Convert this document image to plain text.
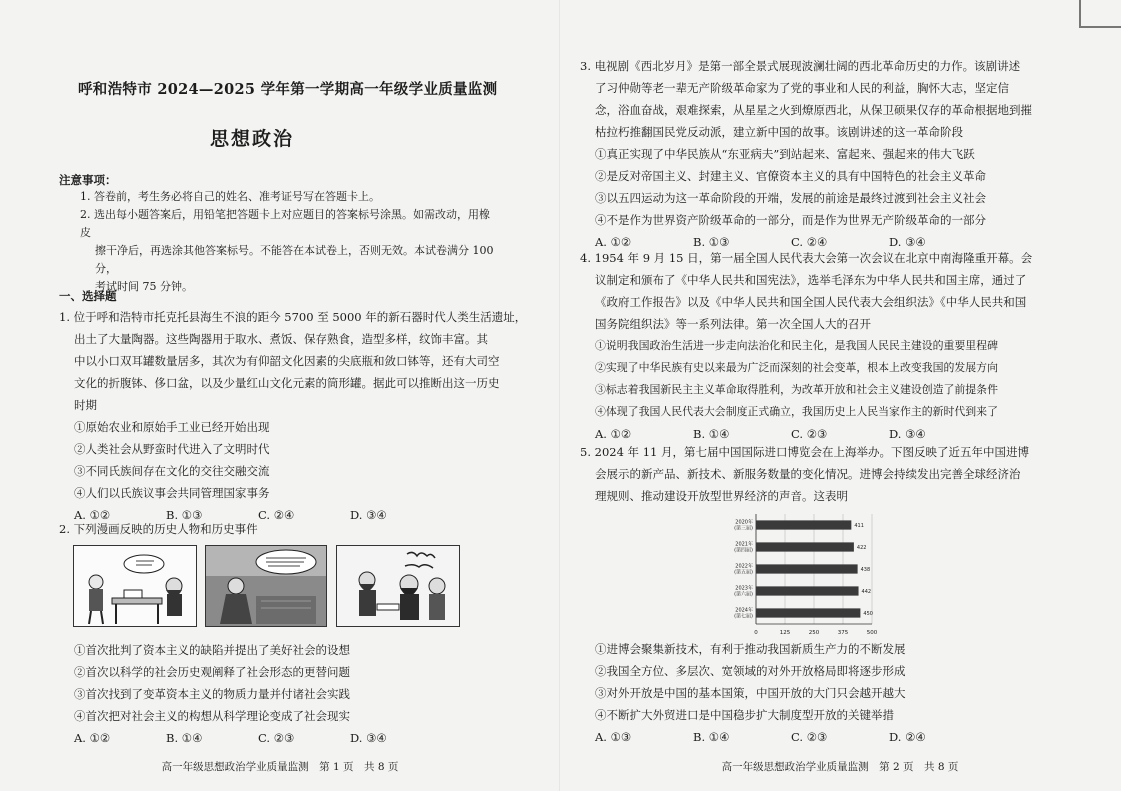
呼和浩特市 2024—2025 学年第一学期高一年级学业质量监测
思想政治
注意事项：

1. 答卷前，考生务必将自己的姓名、准考证号写在答题卡上。

2. 选出每小题答案后，用铅笔把答题卡上对应题目的答案标号涂黑。如需改动，用橡皮

擦干净后，再选涂其他答案标号。不能答在本试卷上，否则无效。本试卷满分 100 分，

考试时间 75 分钟。

一、选择题

1. 位于呼和浩特市托克托县海生不浪的距今 5700 至 5000 年的新石器时代人类生活遗址，

出土了大量陶器。这些陶器用于取水、煮饭、保存熟食，造型多样，纹饰丰富。其

中以小口双耳罐数量居多，其次为有仰韶文化因素的尖底瓶和敛口钵等，还有大司空

文化的折腹钵、侈口盆，以及少量红山文化元素的筒形罐。据此可以推断出这一历史

时期

①原始农业和原始手工业已经开始出现

②人类社会从野蛮时代进入了文明时代

③不同氏族间存在文化的交往交融交流

④人们以氏族议事会共同管理国家事务

A. ①②	B. ①③	C. ②④	D. ③④

2. 下列漫画反映的历史人物和历史事件

①首次批判了资本主义的缺陷并提出了美好社会的设想

②首次以科学的社会历史观阐释了社会形态的更替问题

③首次找到了变革资本主义的物质力量并付诸社会实践

④首次把对社会主义的构想从科学理论变成了社会现实

A. ①②	B. ①④	C. ②③	D. ③④
高一年级思想政治学业质量监测　第 1 页　共 8 页

3. 电视剧《西北岁月》是第一部全景式展现波澜壮阔的西北革命历史的力作。该剧讲述

了习仲勋等老一辈无产阶级革命家为了党的事业和人民的利益，胸怀大志，坚定信

念，浴血奋战，艰难探索，从星星之火到燎原西北，从保卫硕果仅存的革命根据地到摧

枯拉朽推翻国民党反动派，建立新中国的故事。该剧讲述的这一革命阶段

①真正实现了中华民族从“东亚病夫”到站起来、富起来、强起来的伟大飞跃

②是反对帝国主义、封建主义、官僚资本主义的具有中国特色的社会主义革命

③以五四运动为这一革命阶段的开端，发展的前途是最终过渡到社会主义社会

④不是作为世界资产阶级革命的一部分，而是作为世界无产阶级革命的一部分

A. ①②	B. ①③	C. ②④	D. ③④

4. 1954 年 9 月 15 日，第一届全国人民代表大会第一次会议在北京中南海隆重开幕。会

议制定和颁布了《中华人民共和国宪法》，选举毛泽东为中华人民共和国主席，通过了

《政府工作报告》以及《中华人民共和国全国人民代表大会组织法》《中华人民共和国

国务院组织法》等一系列法律。第一次全国人大的召开

①说明我国政治生活进一步走向法治化和民主化，是我国人民民主建设的重要里程碑

②实现了中华民族有史以来最为广泛而深刻的社会变革，根本上改变我国的发展方向

③标志着我国新民主主义革命取得胜利，为改革开放和社会主义建设创造了前提条件

④体现了我国人民代表大会制度正式确立，我国历史上人民当家作主的新时代到来了

A. ①②	B. ①④	C. ②③	D. ③④

5. 2024 年 11 月，第七届中国国际进口博览会在上海举办。下图反映了近五年中国进博

会展示的新产品、新技术、新服务数量的变化情况。进博会持续发出完善全球经济治

理规则、推动建设开放型世界经济的声音。这表明

①进博会聚集新技术，有利于推动我国新质生产力的不断发展

②我国全方位、多层次、宽领域的对外开放格局即将逐步形成

③对外开放是中国的基本国策，中国开放的大门只会越开越大

④不断扩大外贸进口是中国稳步扩大制度型开放的关键举措

A. ①③	B. ①④	C. ②③	D. ②④
高一年级思想政治学业质量监测　第 2 页　共 8 页
0	125	250	375	500
411
2020年
(第三届)
422
2021年
(第四届)
438
2022年
(第五届)
442
2023年
(第六届)
450
2024年
(第七届)
